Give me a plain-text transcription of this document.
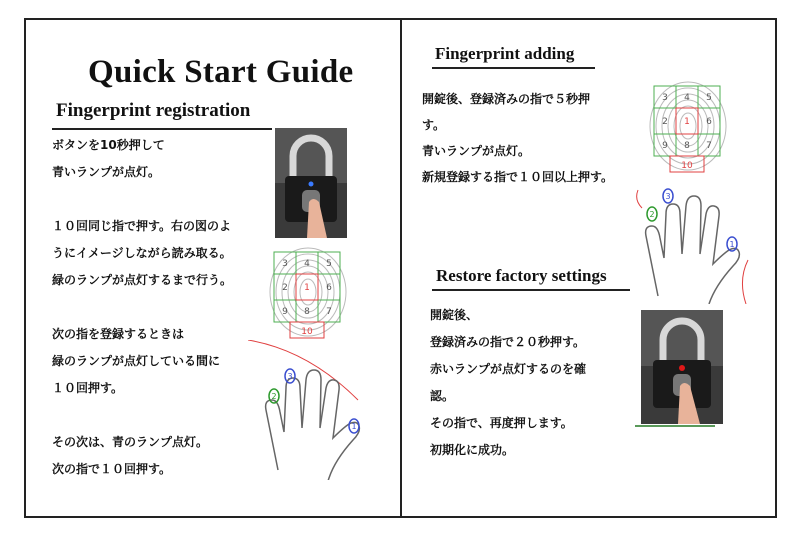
Quick Start Guide
Fingerprint registration
ボタンを10秒押して
青いランプが点灯。
１０回同じ指で押す。右の図のよ
うにイメージしながら読み取る。
緑のランプが点灯するまで行う。
次の指を登録するときは
緑のランプが点灯している間に
１０回押す。
その次は、青のランプ点灯。
次の指で１０回押す。
3 4 5
2 1 6
9 8 7
10
2
3
1
Fingerprint adding
開錠後、登録済みの指で５秒押
す。
青いランプが点灯。
新規登録する指で１０回以上押す。
3 4 5
2 1 6
9 8 7
10
2
3
1
Restore factory settings
開錠後、
登録済みの指で２０秒押す。
赤いランプが点灯するのを確
認。
その指で、再度押します。
初期化に成功。
